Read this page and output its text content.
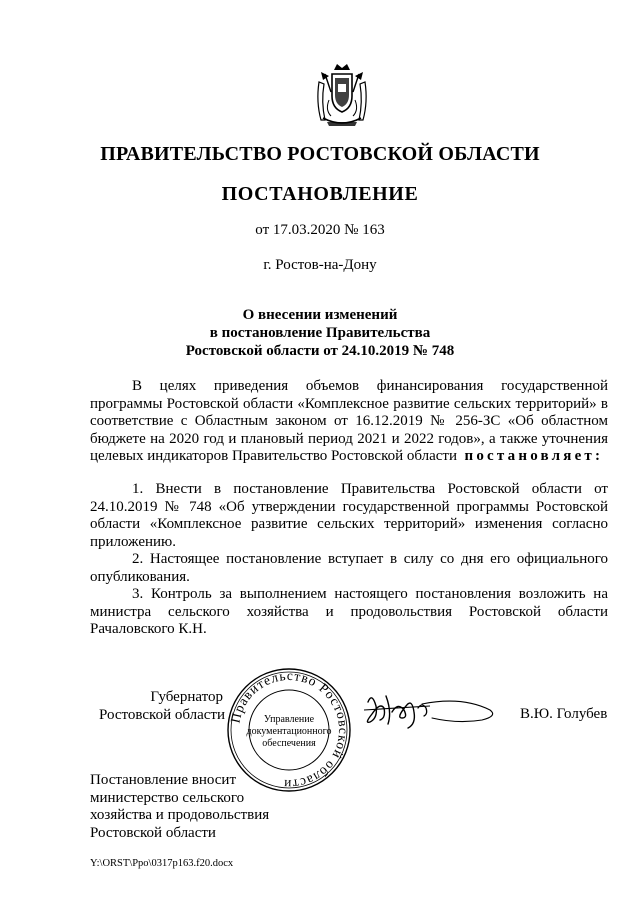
ПРАВИТЕЛЬСТВО РОСТОВСКОЙ ОБЛАСТИ
ПОСТАНОВЛЕНИЕ
от 17.03.2020 № 163
г. Ростов-на-Дону
О внесении изменений
в постановление Правительства
Ростовской области от 24.10.2019 № 748
В целях приведения объемов финансирования государственной программы Ростовской области «Комплексное развитие сельских территорий» в соответствие с Областным законом от 16.12.2019 № 256-ЗС «Об областном бюджете на 2020 год и плановый период 2021 и 2022 годов», а также уточнения целевых индикаторов Правительство Ростовской области постановляет:
1. Внести в постановление Правительства Ростовской области от 24.10.2019 № 748 «Об утверждении государственной программы Ростовской области «Комплексное развитие сельских территорий» изменения согласно приложению.
2. Настоящее постановление вступает в силу со дня его официального опубликования.
3. Контроль за выполнением настоящего постановления возложить на министра сельского хозяйства и продовольствия Ростовской области Рачаловского К.Н.
Губернатор
Ростовской области Правительство Ростовской области
Управление
документационного
обеспечения
В.Ю. Голубев
Постановление вносит
министерство сельского
хозяйства и продовольствия
Ростовской области
Y:\ORST\Ppo\0317p163.f20.docx
